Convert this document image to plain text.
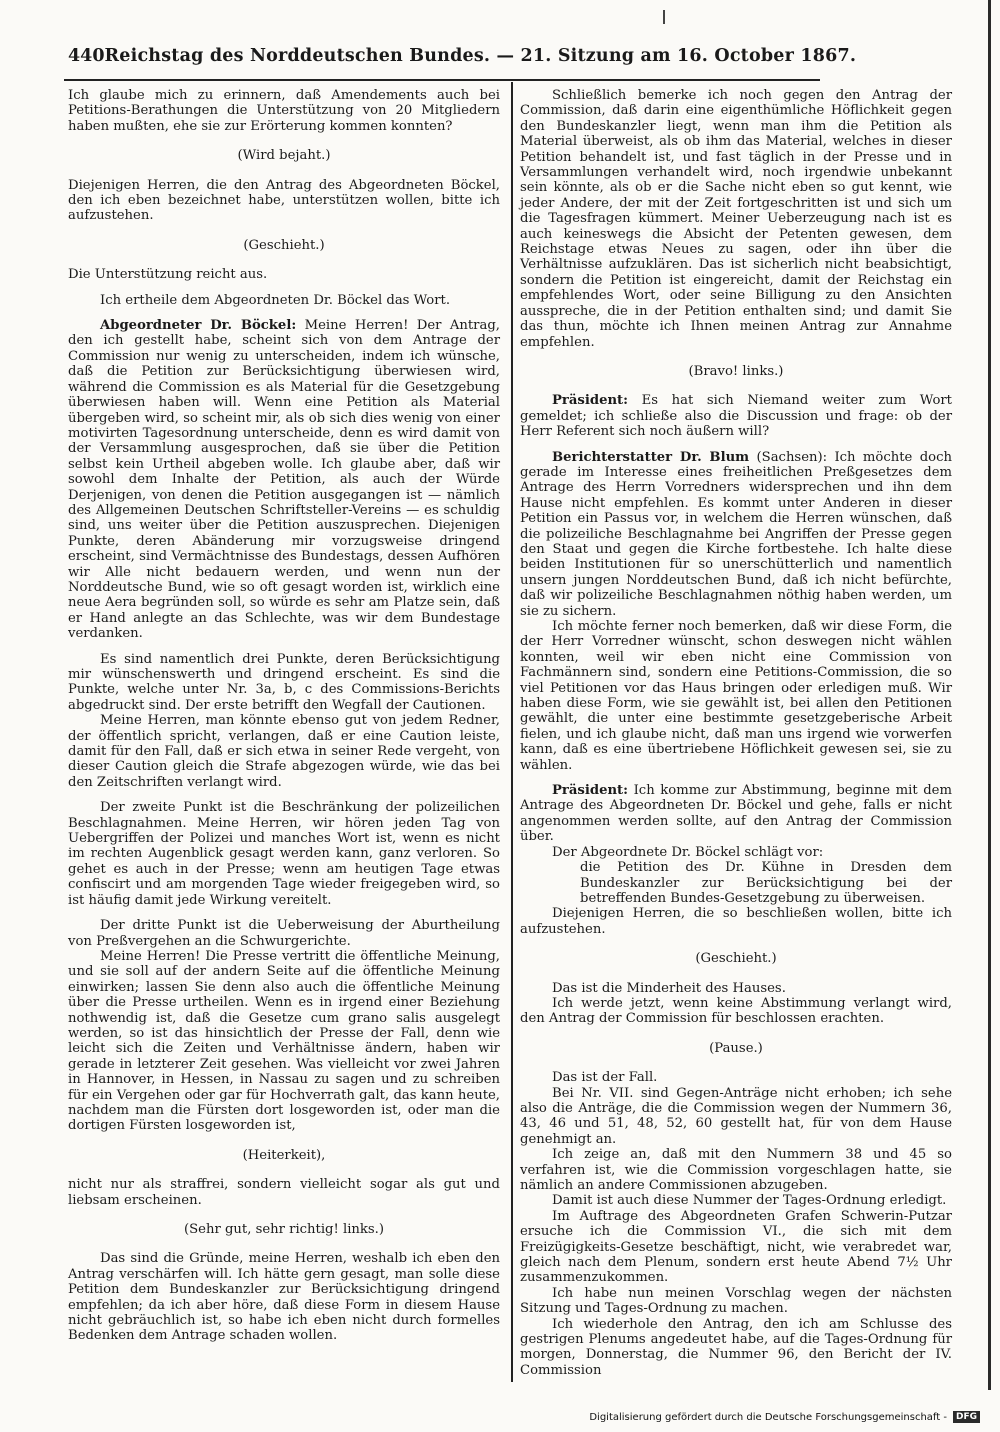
440 Reichstag des Norddeutschen Bundes. — 21. Sitzung am 16. October 1867.

Ich glaube mich zu erinnern, daß Amendements auch bei Petitions-Berathungen die Unterstützung von 20 Mitgliedern haben mußten, ehe sie zur Erörterung kommen konnten?

(Wird bejaht.)

Diejenigen Herren, die den Antrag des Abgeordneten Böckel, den ich eben bezeichnet habe, unterstützen wollen, bitte ich aufzustehen.

(Geschieht.)

Die Unterstützung reicht aus.

Ich ertheile dem Abgeordneten Dr. Böckel das Wort.

Abgeordneter Dr. Böckel: Meine Herren! Der Antrag, den ich gestellt habe, scheint sich von dem Antrage der Commission nur wenig zu unterscheiden, indem ich wünsche, daß die Petition zur Berücksichtigung überwiesen wird, während die Commission es als Material für die Gesetzgebung überwiesen haben will. Wenn eine Petition als Material übergeben wird, so scheint mir, als ob sich dies wenig von einer motivirten Tagesordnung unterscheide, denn es wird damit von der Versammlung ausgesprochen, daß sie über die Petition selbst kein Urtheil abgeben wolle. Ich glaube aber, daß wir sowohl dem Inhalte der Petition, als auch der Würde Derjenigen, von denen die Petition ausgegangen ist — nämlich des Allgemeinen Deutschen Schriftsteller-Vereins — es schuldig sind, uns weiter über die Petition auszusprechen. Diejenigen Punkte, deren Abänderung mir vorzugsweise dringend erscheint, sind Vermächtnisse des Bundestags, dessen Aufhören wir Alle nicht bedauern werden, und wenn nun der Norddeutsche Bund, wie so oft gesagt worden ist, wirklich eine neue Aera begründen soll, so würde es sehr am Platze sein, daß er Hand anlegte an das Schlechte, was wir dem Bundestage verdanken.

Es sind namentlich drei Punkte, deren Berücksichtigung mir wünschenswerth und dringend erscheint. Es sind die Punkte, welche unter Nr. 3a, b, c des Commissions-Berichts abgedruckt sind. Der erste betrifft den Wegfall der Cautionen.

Meine Herren, man könnte ebenso gut von jedem Redner, der öffentlich spricht, verlangen, daß er eine Caution leiste, damit für den Fall, daß er sich etwa in seiner Rede vergeht, von dieser Caution gleich die Strafe abgezogen würde, wie das bei den Zeitschriften verlangt wird.

Der zweite Punkt ist die Beschränkung der polizeilichen Beschlagnahmen. Meine Herren, wir hören jeden Tag von Uebergriffen der Polizei und manches Wort ist, wenn es nicht im rechten Augenblick gesagt werden kann, ganz verloren. So gehet es auch in der Presse; wenn am heutigen Tage etwas confiscirt und am morgenden Tage wieder freigegeben wird, so ist häufig damit jede Wirkung vereitelt.

Der dritte Punkt ist die Ueberweisung der Aburtheilung von Preßvergehen an die Schwurgerichte.

Meine Herren! Die Presse vertritt die öffentliche Meinung, und sie soll auf der andern Seite auf die öffentliche Meinung einwirken; lassen Sie denn also auch die öffentliche Meinung über die Presse urtheilen. Wenn es in irgend einer Beziehung nothwendig ist, daß die Gesetze cum grano salis ausgelegt werden, so ist das hinsichtlich der Presse der Fall, denn wie leicht sich die Zeiten und Verhältnisse ändern, haben wir gerade in letzterer Zeit gesehen. Was vielleicht vor zwei Jahren in Hannover, in Hessen, in Nassau zu sagen und zu schreiben für ein Vergehen oder gar für Hochverrath galt, das kann heute, nachdem man die Fürsten dort losgeworden ist, oder man die dortigen Fürsten losgeworden ist,

(Heiterkeit),

nicht nur als straffrei, sondern vielleicht sogar als gut und liebsam erscheinen.

(Sehr gut, sehr richtig! links.)

Das sind die Gründe, meine Herren, weshalb ich eben den Antrag verschärfen will. Ich hätte gern gesagt, man solle diese Petition dem Bundeskanzler zur Berücksichtigung dringend empfehlen; da ich aber höre, daß diese Form in diesem Hause nicht gebräuchlich ist, so habe ich eben nicht durch formelles Bedenken dem Antrage schaden wollen.

Schließlich bemerke ich noch gegen den Antrag der Commission, daß darin eine eigenthümliche Höflichkeit gegen den Bundeskanzler liegt, wenn man ihm die Petition als Material überweist, als ob ihm das Material, welches in dieser Petition behandelt ist, und fast täglich in der Presse und in Versammlungen verhandelt wird, noch irgendwie unbekannt sein könnte, als ob er die Sache nicht eben so gut kennt, wie jeder Andere, der mit der Zeit fortgeschritten ist und sich um die Tagesfragen kümmert. Meiner Ueberzeugung nach ist es auch keineswegs die Absicht der Petenten gewesen, dem Reichstage etwas Neues zu sagen, oder ihn über die Verhältnisse aufzuklären. Das ist sicherlich nicht beabsichtigt, sondern die Petition ist eingereicht, damit der Reichstag ein empfehlendes Wort, oder seine Billigung zu den Ansichten ausspreche, die in der Petition enthalten sind; und damit Sie das thun, möchte ich Ihnen meinen Antrag zur Annahme empfehlen.

(Bravo! links.)

Präsident: Es hat sich Niemand weiter zum Wort gemeldet; ich schließe also die Discussion und frage: ob der Herr Referent sich noch äußern will?

Berichterstatter Dr. Blum (Sachsen): Ich möchte doch gerade im Interesse eines freiheitlichen Preßgesetzes dem Antrage des Herrn Vorredners widersprechen und ihn dem Hause nicht empfehlen. Es kommt unter Anderen in dieser Petition ein Passus vor, in welchem die Herren wünschen, daß die polizeiliche Beschlagnahme bei Angriffen der Presse gegen den Staat und gegen die Kirche fortbestehe. Ich halte diese beiden Institutionen für so unerschütterlich und namentlich unsern jungen Norddeutschen Bund, daß ich nicht befürchte, daß wir polizeiliche Beschlagnahmen nöthig haben werden, um sie zu sichern.

Ich möchte ferner noch bemerken, daß wir diese Form, die der Herr Vorredner wünscht, schon deswegen nicht wählen konnten, weil wir eben nicht eine Commission von Fachmännern sind, sondern eine Petitions-Commission, die so viel Petitionen vor das Haus bringen oder erledigen muß. Wir haben diese Form, wie sie gewählt ist, bei allen den Petitionen gewählt, die unter eine bestimmte gesetzgeberische Arbeit fielen, und ich glaube nicht, daß man uns irgend wie vorwerfen kann, daß es eine übertriebene Höflichkeit gewesen sei, sie zu wählen.

Präsident: Ich komme zur Abstimmung, beginne mit dem Antrage des Abgeordneten Dr. Böckel und gehe, falls er nicht angenommen werden sollte, auf den Antrag der Commission über.

Der Abgeordnete Dr. Böckel schlägt vor:

die Petition des Dr. Kühne in Dresden dem Bundeskanzler zur Berücksichtigung bei der betreffenden Bundes-Gesetzgebung zu überweisen.

Diejenigen Herren, die so beschließen wollen, bitte ich aufzustehen.

(Geschieht.)

Das ist die Minderheit des Hauses.

Ich werde jetzt, wenn keine Abstimmung verlangt wird, den Antrag der Commission für beschlossen erachten.

(Pause.)

Das ist der Fall.

Bei Nr. VII. sind Gegen-Anträge nicht erhoben; ich sehe also die Anträge, die die Commission wegen der Nummern 36, 43, 46 und 51, 48, 52, 60 gestellt hat, für von dem Hause genehmigt an.

Ich zeige an, daß mit den Nummern 38 und 45 so verfahren ist, wie die Commission vorgeschlagen hatte, sie nämlich an andere Commissionen abzugeben.

Damit ist auch diese Nummer der Tages-Ordnung erledigt.

Im Auftrage des Abgeordneten Grafen Schwerin-Putzar ersuche ich die Commission VI., die sich mit dem Freizügigkeits-Gesetze beschäftigt, nicht, wie verabredet war, gleich nach dem Plenum, sondern erst heute Abend 7½ Uhr zusammenzukommen.

Ich habe nun meinen Vorschlag wegen der nächsten Sitzung und Tages-Ordnung zu machen.

Ich wiederhole den Antrag, den ich am Schlusse des gestrigen Plenums angedeutet habe, auf die Tages-Ordnung für morgen, Donnerstag, die Nummer 96, den Bericht der IV. Commission

Digitalisierung gefördert durch die Deutsche Forschungsgemeinschaft -	DFG
